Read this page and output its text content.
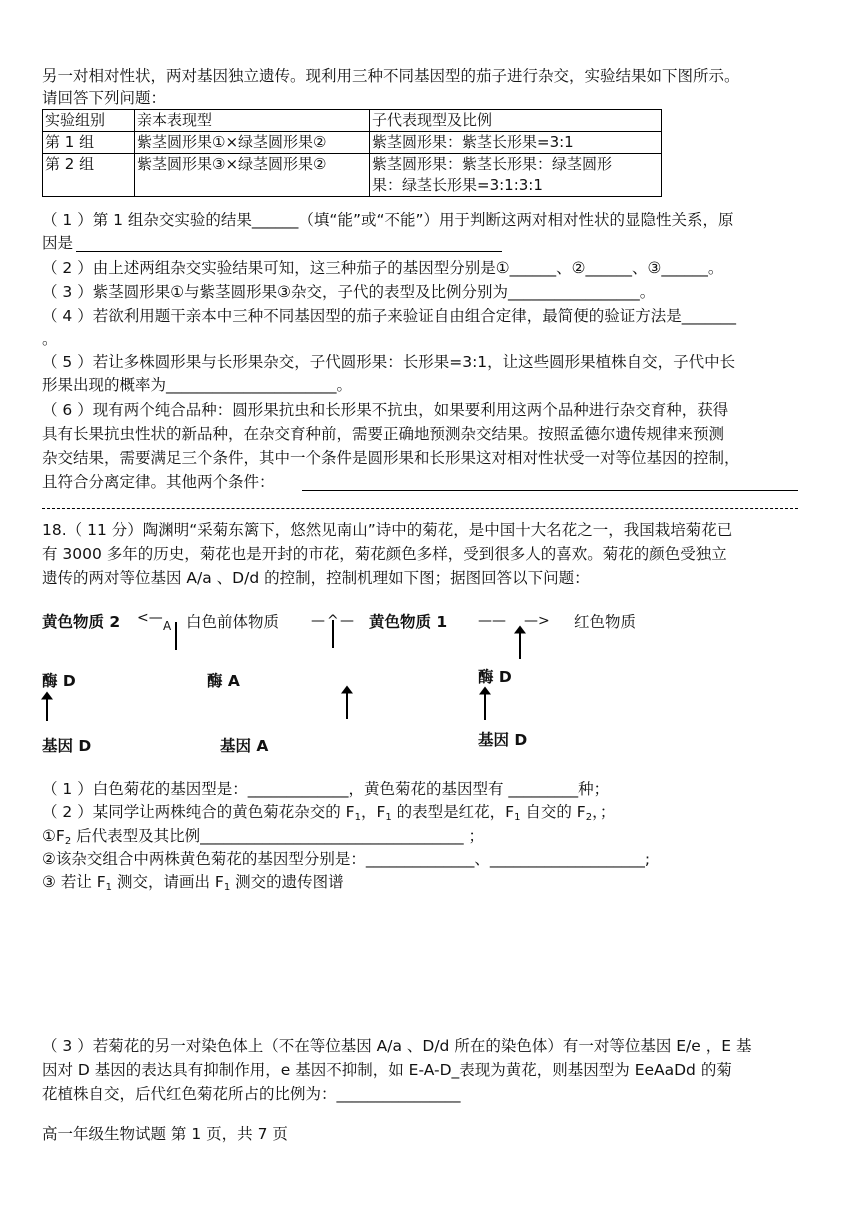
另一对相对性状，两对基因独立遗传。现利用三种不同基因型的茄子进行杂交，实验结果如下图所示。
请回答下列问题：
实验组别	亲本表现型	子代表现型及比例
第 1 组	紫茎圆形果①×绿茎圆形果②	紫茎圆形果：紫茎长形果=3:1
第 2 组	紫茎圆形果③×绿茎圆形果②	紫茎圆形果：紫茎长形果：绿茎圆形
果：绿茎长形果=3:1:3:1
（ 1 ）第 1 组杂交实验的结果______（填“能”或“不能”）用于判断这两对相对性状的显隐性关系，原
因是
（ 2 ）由上述两组杂交实验结果可知，这三种茄子的基因型分别是①______、②______、③______。
（ 3 ）紫茎圆形果①与紫茎圆形果③杂交，子代的表型及比例分别为_________________。
（ 4 ）若欲利用题干亲本中三种不同基因型的茄子来验证自由组合定律，最简便的验证方法是_______
。
（ 5 ）若让多株圆形果与长形果杂交，子代圆形果：长形果=3:1，让这些圆形果植株自交，子代中长
形果出现的概率为______________________。
（ 6 ）现有两个纯合品种：圆形果抗虫和长形果不抗虫，如果要利用这两个品种进行杂交育种，获得
具有长果抗虫性状的新品种，在杂交育种前，需要正确地预测杂交结果。按照孟德尔遗传规律来预测
杂交结果，需要满足三个条件，其中一个条件是圆形果和长形果这对相对性状受一对等位基因的控制，
且符合分离定律。其他两个条件：
18.（ 11 分）陶渊明“采菊东篱下，悠然见南山”诗中的菊花，是中国十大名花之一，我国栽培菊花已
有 3000 多年的历史，菊花也是开封的市花，菊花颜色多样，受到很多人的喜欢。菊花的颜色受独立
遗传的两对等位基因 A/a 、D/d 的控制，控制机理如下图；据图回答以下问题：
黄色物质 2 <— A 白色前体物质 — ^ — 黄色物质 1 —— —> 红色物质
酶 D	酶 A	酶 D
基因 D	基因 A	基因 D
（ 1 ）白色菊花的基因型是：_____________，黄色菊花的基因型有 _________种；
（ 2 ）某同学让两株纯合的黄色菊花杂交的 $F_1$，$F_1$ 的表型是红花，$F_1$ 自交的 $F_2$，；
$①F_2$ 后代表型及其比例__________________________________ ；
②该杂交组合中两株黄色菊花的基因型分别是：______________、____________________;
③ 若让 $F_1$ 测交，请画出 $F_1$ 测交的遗传图谱
（ 3 ）若菊花的另一对染色体上（不在等位基因 A/a 、D/d 所在的染色体）有一对等位基因 E/e ，E 基
因对 D 基因的表达具有抑制作用，e 基因不抑制，如 E-A-D_表现为黄花，则基因型为 EeAaDd 的菊
花植株自交，后代红色菊花所占的比例为：________________
高一年级生物试题 第 1 页，共 7 页
